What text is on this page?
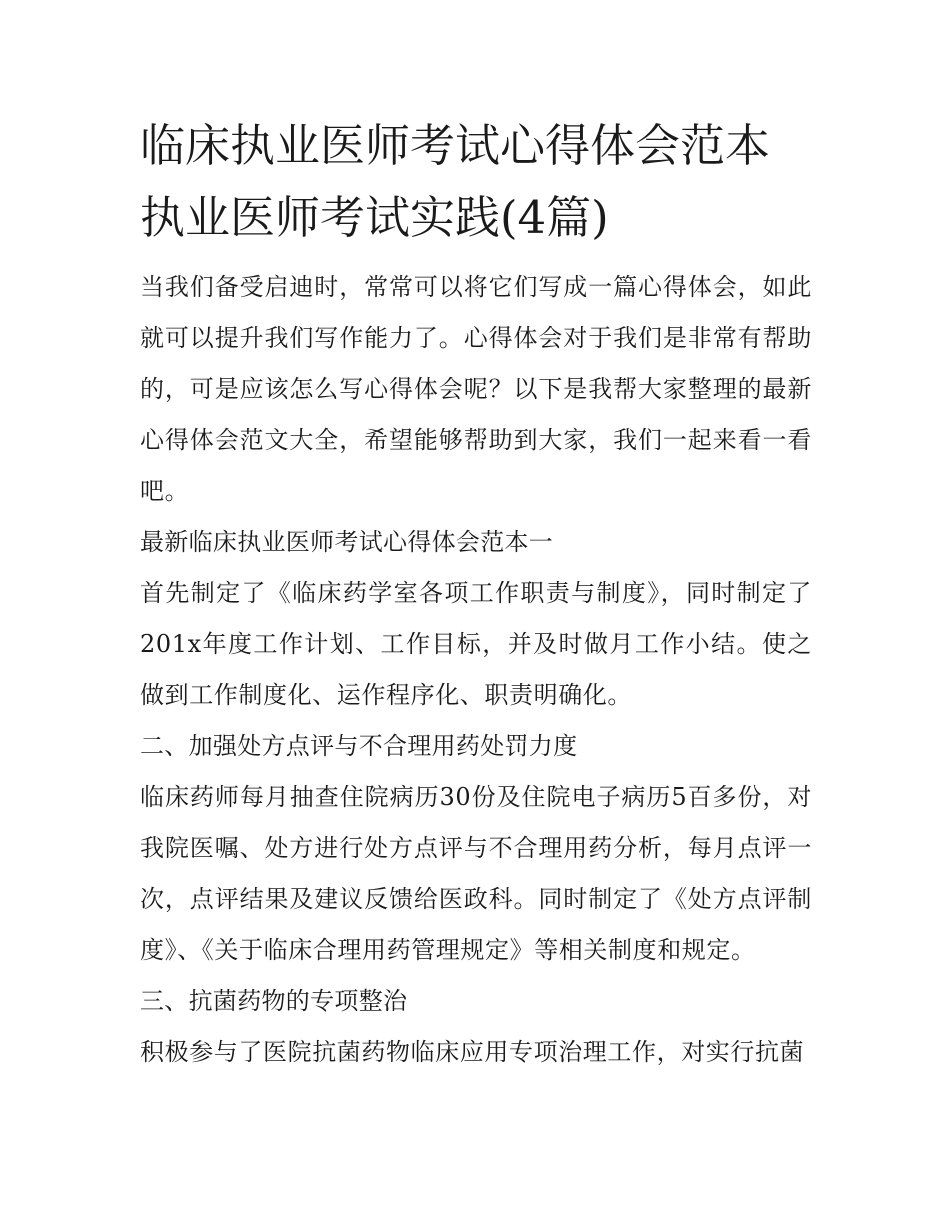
临床执业医师考试心得体会范本 执业医师考试实践(4篇)

当我们备受启迪时，常常可以将它们写成一篇心得体会，如此就可以提升我们写作能力了。心得体会对于我们是非常有帮助的，可是应该怎么写心得体会呢？以下是我帮大家整理的最新心得体会范文大全，希望能够帮助到大家，我们一起来看一看吧。

最新临床执业医师考试心得体会范本一

首先制定了《临床药学室各项工作职责与制度》，同时制定了201x年度工作计划、工作目标，并及时做月工作小结。使之做到工作制度化、运作程序化、职责明确化。

二、加强处方点评与不合理用药处罚力度

临床药师每月抽查住院病历30份及住院电子病历5百多份，对我院医嘱、处方进行处方点评与不合理用药分析，每月点评一次，点评结果及建议反馈给医政科。同时制定了《处方点评制度》、《关于临床合理用药管理规定》等相关制度和规定。

三、抗菌药物的专项整治

积极参与了医院抗菌药物临床应用专项治理工作，对实行抗菌
